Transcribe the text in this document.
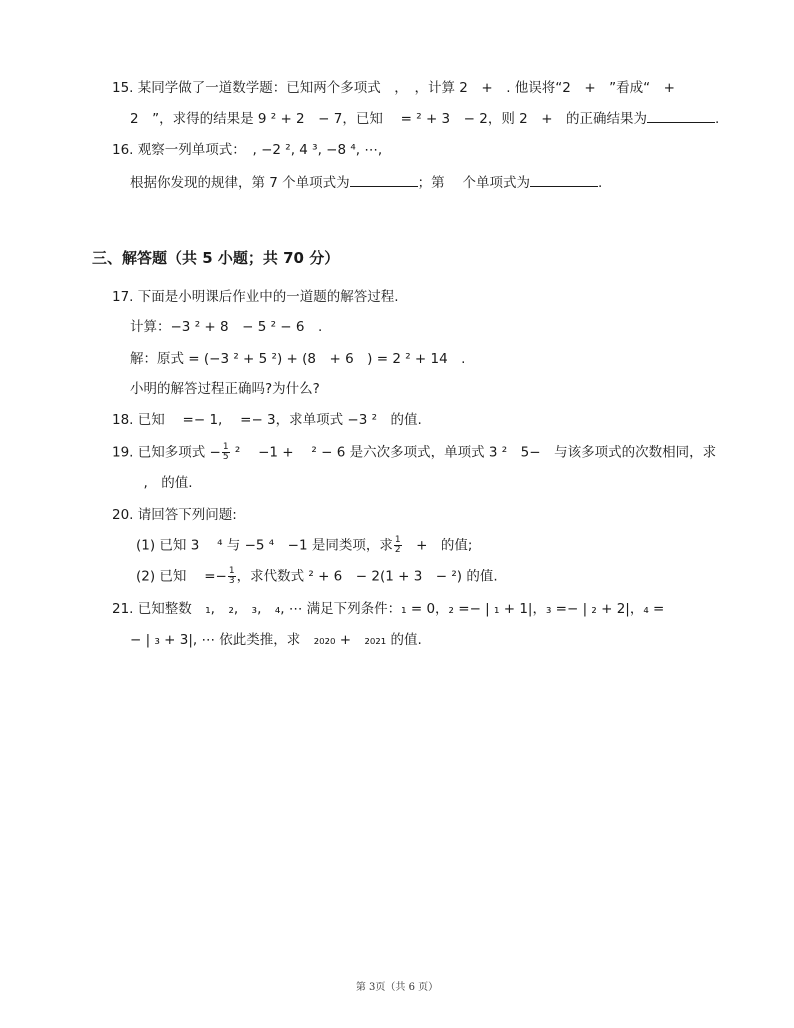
15. 某同学做了一道数学题：已知两个多项式　，　，计算 2　+　. 他误将“2　+　”看成“　+
2　”，求得的结果是 9 ² + 2　− 7，已知　 = ² + 3　− 2，则 2　+　的正确结果为	.
16. 观察一列单项式：　, −2 ², 4 ³, −8 ⁴, ⋯,
根据你发现的规律，第 7 个单项式为	；第　 个单项式为	.
三、解答题（共 5 小题；共 70 分）
17. 下面是小明课后作业中的一道题的解答过程.
计算：−3 ² + 8　− 5 ² − 6　.
解：原式 = (−3 ² + 5 ²) + (8　+ 6　) = 2 ² + 14　.
小明的解答过程正确吗?为什么?
18. 已知　 =− 1,　 =− 3，求单项式 −3 ²　的值.
19. 已知多项式 − $\frac{1}{5} ^2$　 −1 +　 ² − 6 是六次多项式，单项式 3 ²　5−　与该多项式的次数相同，求
　,　的值.
20. 请回答下列问题:
(1) 已知 3　 ⁴ 与 −5 ⁴　−1 是同类项，求 $\frac{1}{2}$ 　+　的值;
(2) 已知　 =− $\frac{1}{3}$ ，求代数式 ² + 6　− 2(1 + 3　− ²) 的值.
21. 已知整数　₁,　₂,　₃,　₄, ⋯ 满足下列条件：₁ = 0，₂ =− | ₁ + 1|，₃ =− | ₂ + 2|，₄ =
− | ₃ + 3|, ⋯ 依此类推，求　₂₀₂₀ +　₂₀₂₁ 的值.
第 3页（共 6 页）
